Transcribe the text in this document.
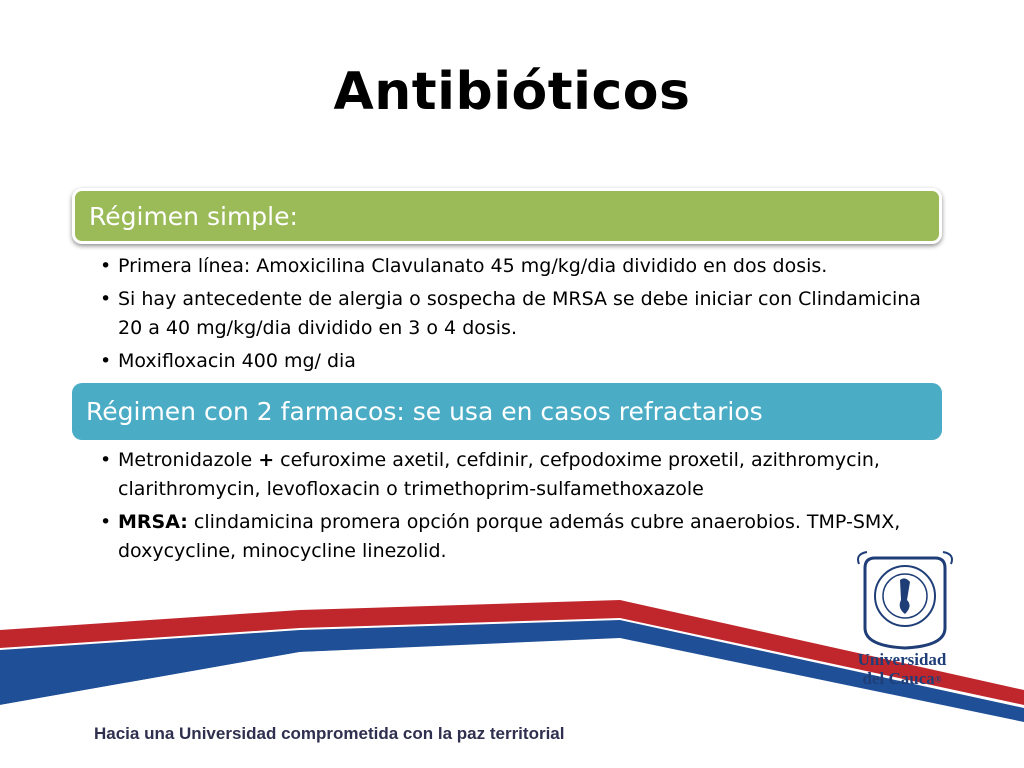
Antibióticos
Régimen simple:
• Primera línea: Amoxicilina Clavulanato 45 mg/kg/dia dividido en dos dosis.
• Si hay antecedente de alergia o sospecha de MRSA se debe iniciar con Clindamicina 20 a 40 mg/kg/dia dividido en 3 o 4 dosis.
• Moxifloxacin 400 mg/ dia
Régimen con 2 farmacos: se usa en casos refractarios
• Metronidazole + cefuroxime axetil, cefdinir, cefpodoxime proxetil, azithromycin, clarithromycin, levofloxacin o trimethoprim-sulfamethoxazole
• MRSA: clindamicina promera opción porque además cubre anaerobios. TMP-SMX, doxycycline, minocycline linezolid.
Universidad
del Cauca®
Hacia una Universidad comprometida con la paz territorial
